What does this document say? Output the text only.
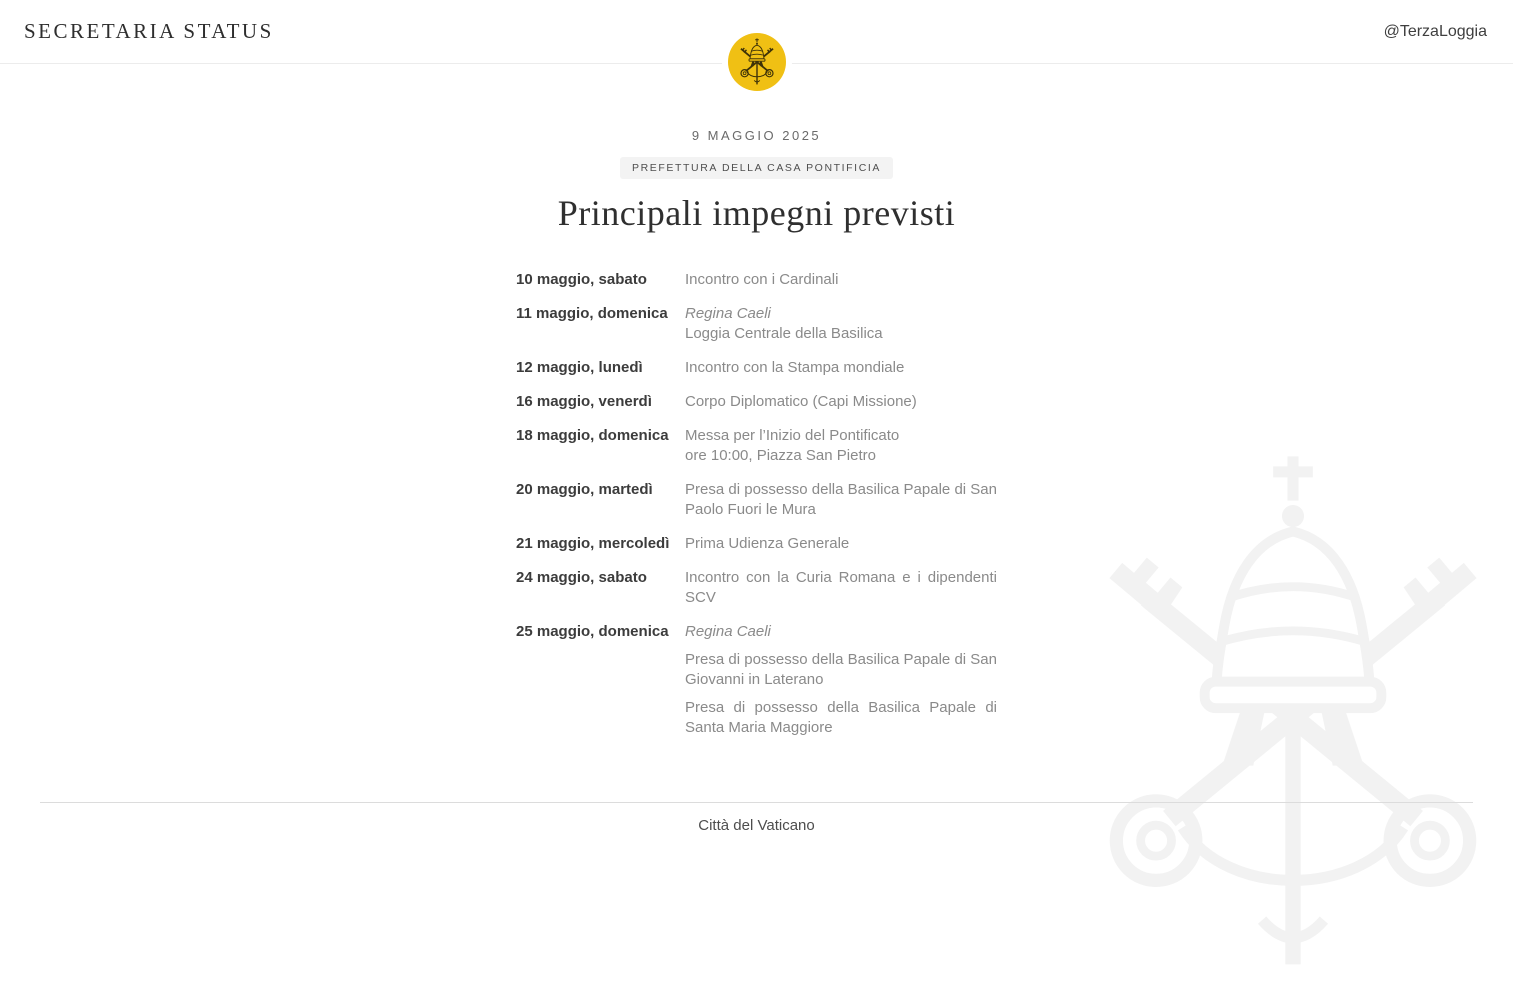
SECRETARIA STATUS	@TerzaLoggia
9 MAGGIO 2025
PREFETTURA DELLA CASA PONTIFICIA
Principali impegni previsti
10 maggio, sabato	Incontro con i Cardinali
11 maggio, domenica	Regina Caeli
Loggia Centrale della Basilica
12 maggio, lunedì	Incontro con la Stampa mondiale
16 maggio, venerdì	Corpo Diplomatico (Capi Missione)
18 maggio, domenica	Messa per l’Inizio del Pontificato
ore 10:00, Piazza San Pietro
20 maggio, martedì	Presa di possesso della Basilica Papale di San Paolo Fuori le Mura
21 maggio, mercoledì	Prima Udienza Generale
24 maggio, sabato	Incontro con la Curia Romana e i dipendenti SCV
25 maggio, domenica	Regina Caeli
Presa di possesso della Basilica Papale di San Giovanni in Laterano
Presa di possesso della Basilica Papale di Santa Maria Maggiore
Città del Vaticano
